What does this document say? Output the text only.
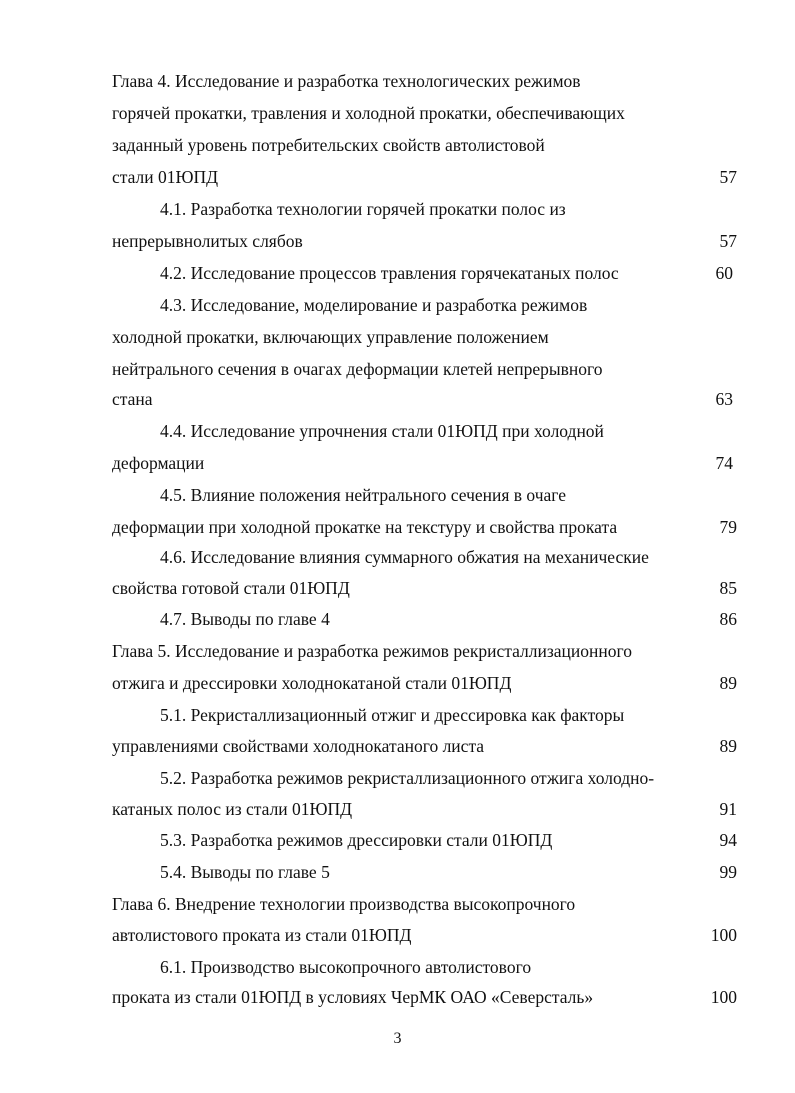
Глава 4. Исследование и разработка технологических режимов
горячей прокатки, травления и холодной прокатки, обеспечивающих
заданный уровень потребительских свойств автолистовой
стали 01ЮПД	57
4.1. Разработка технологии горячей прокатки полос из
непрерывнолитых слябов	57
4.2. Исследование процессов травления горячекатаных полос	60
4.3. Исследование, моделирование и разработка режимов
холодной прокатки, включающих управление положением
нейтрального сечения в очагах деформации клетей непрерывного
стана	63
4.4. Исследование упрочнения стали 01ЮПД при холодной
деформации	74
4.5. Влияние положения нейтрального сечения в очаге
деформации при холодной прокатке на текстуру и свойства проката	79
4.6. Исследование влияния суммарного обжатия на механические
свойства готовой стали 01ЮПД	85
4.7. Выводы по главе 4	86
Глава 5. Исследование и разработка режимов рекристаллизационного
отжига и дрессировки холоднокатаной стали 01ЮПД	89
5.1. Рекристаллизационный отжиг и дрессировка как факторы
управлениями свойствами холоднокатаного листа	89
5.2. Разработка режимов рекристаллизационного отжига холодно-
катаных полос из стали 01ЮПД	91
5.3. Разработка режимов дрессировки стали 01ЮПД	94
5.4. Выводы по главе 5	99
Глава 6. Внедрение технологии производства высокопрочного
автолистового проката из стали 01ЮПД	100
6.1. Производство высокопрочного автолистового
проката из стали 01ЮПД в условиях ЧерМК ОАО «Северсталь»	100
3
